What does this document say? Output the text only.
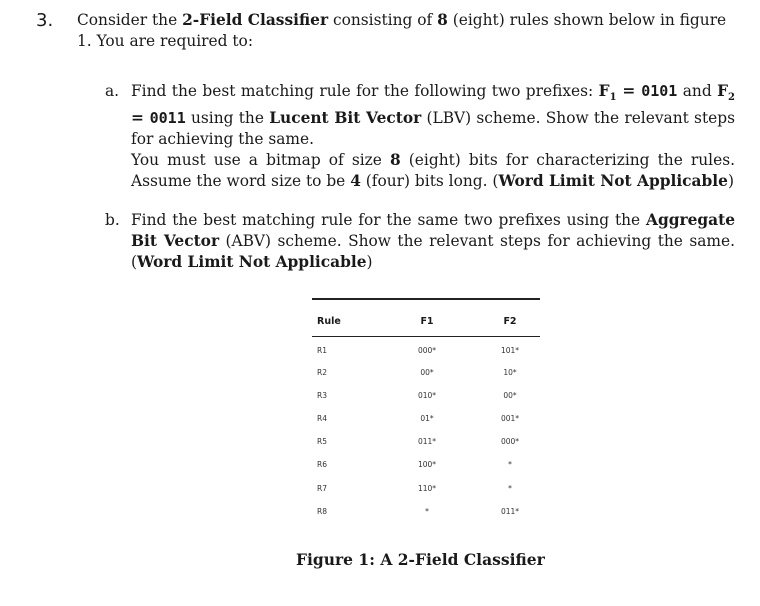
3. Consider the 2-Field Classifier consisting of 8 (eight) rules shown below in figure 1. You are required to:
a. Find the best matching rule for the following two prefixes: $F_1 = 0101$ and $F_2 = 0011$ using the Lucent Bit Vector (LBV) scheme. Show the relevant steps for achieving the same.
You must use a bitmap of size 8 (eight) bits for characterizing the rules. Assume the word size to be 4 (four) bits long. (Word Limit Not Applicable)
b. Find the best matching rule for the same two prefixes using the Aggregate Bit Vector (ABV) scheme. Show the relevant steps for achieving the same. (Word Limit Not Applicable)
Rule	F1	F2
R1	000*	101*
R2	00*	10*
R3	010*	00*
R4	01*	001*
R5	011*	000*
R6	100*	*
R7	110*	*
R8	*	011*
Figure 1: A 2-Field Classifier
